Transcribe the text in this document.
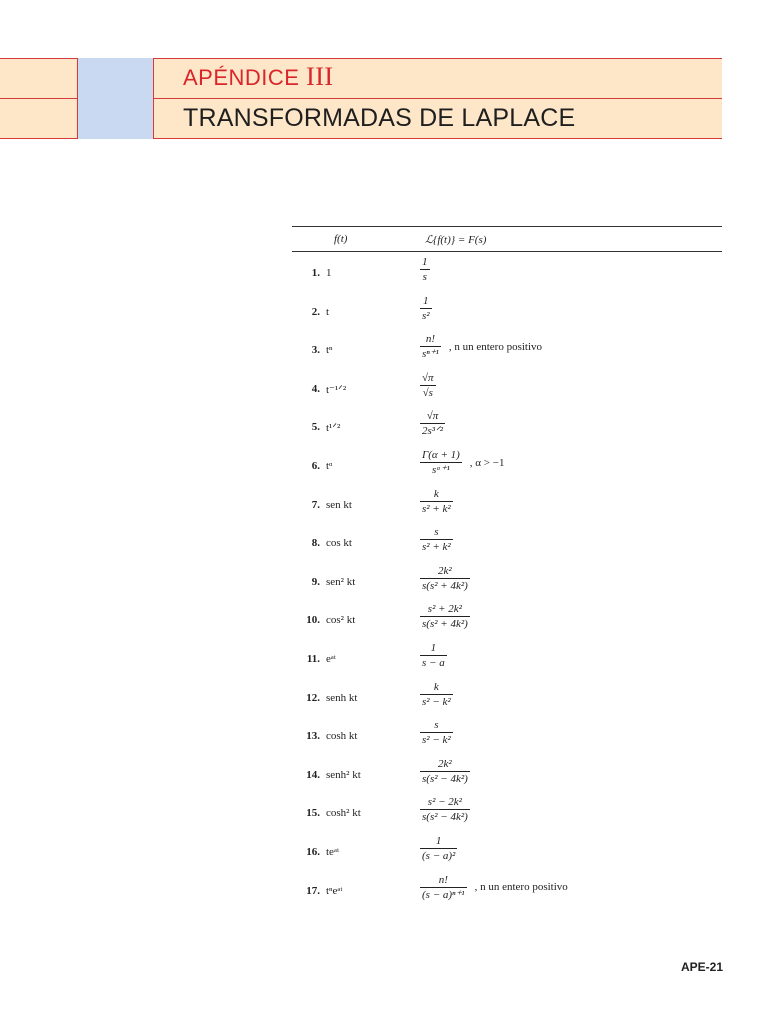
APÉNDICE III
TRANSFORMADAS DE LAPLACE
f(t)	ℒ{f(t)} = F(s)
1. 1	$\frac{1}{s}$
2. t	$\frac{1}{\text{s²}}$
3. tⁿ	$\frac{n!}{\text{sⁿ⁺¹}}$ , n un entero positivo
4. t⁻¹ᐟ²	$\frac{√\pi}{√s}$
5. t¹ᐟ²	$\frac{√\pi}{\text{2s³ᐟ²}}$
6. tᵅ	$\frac{\Gamma(\alpha + 1)}{\text{sᵅ⁺¹}}$ , α > −1
7. sen kt	$\frac{k}{\text{s² + k²}}$
8. cos kt	$\frac{s}{\text{s² + k²}}$
9. sen² kt	$\frac{\text{2k²}}{\text{s(s² + 4k²)}}$
10. cos² kt	$\frac{\text{s² + 2k²}}{\text{s(s² + 4k²)}}$
11. eᵃᵗ	$\frac{1}{s - a}$
12. senh kt	$\frac{k}{\text{s² − k²}}$
13. cosh kt	$\frac{s}{\text{s² − k²}}$
14. senh² kt	$\frac{\text{2k²}}{\text{s(s² − 4k²)}}$
15. cosh² kt	$\frac{\text{s² − 2k²}}{\text{s(s² − 4k²)}}$
16. teᵃᵗ	$\frac{1}{\text{(s − a)²}}$
17. tⁿeᵃᵗ	$\frac{n!}{\text{(s − a)ⁿ⁺¹}}$ , n un entero positivo
APE-21
